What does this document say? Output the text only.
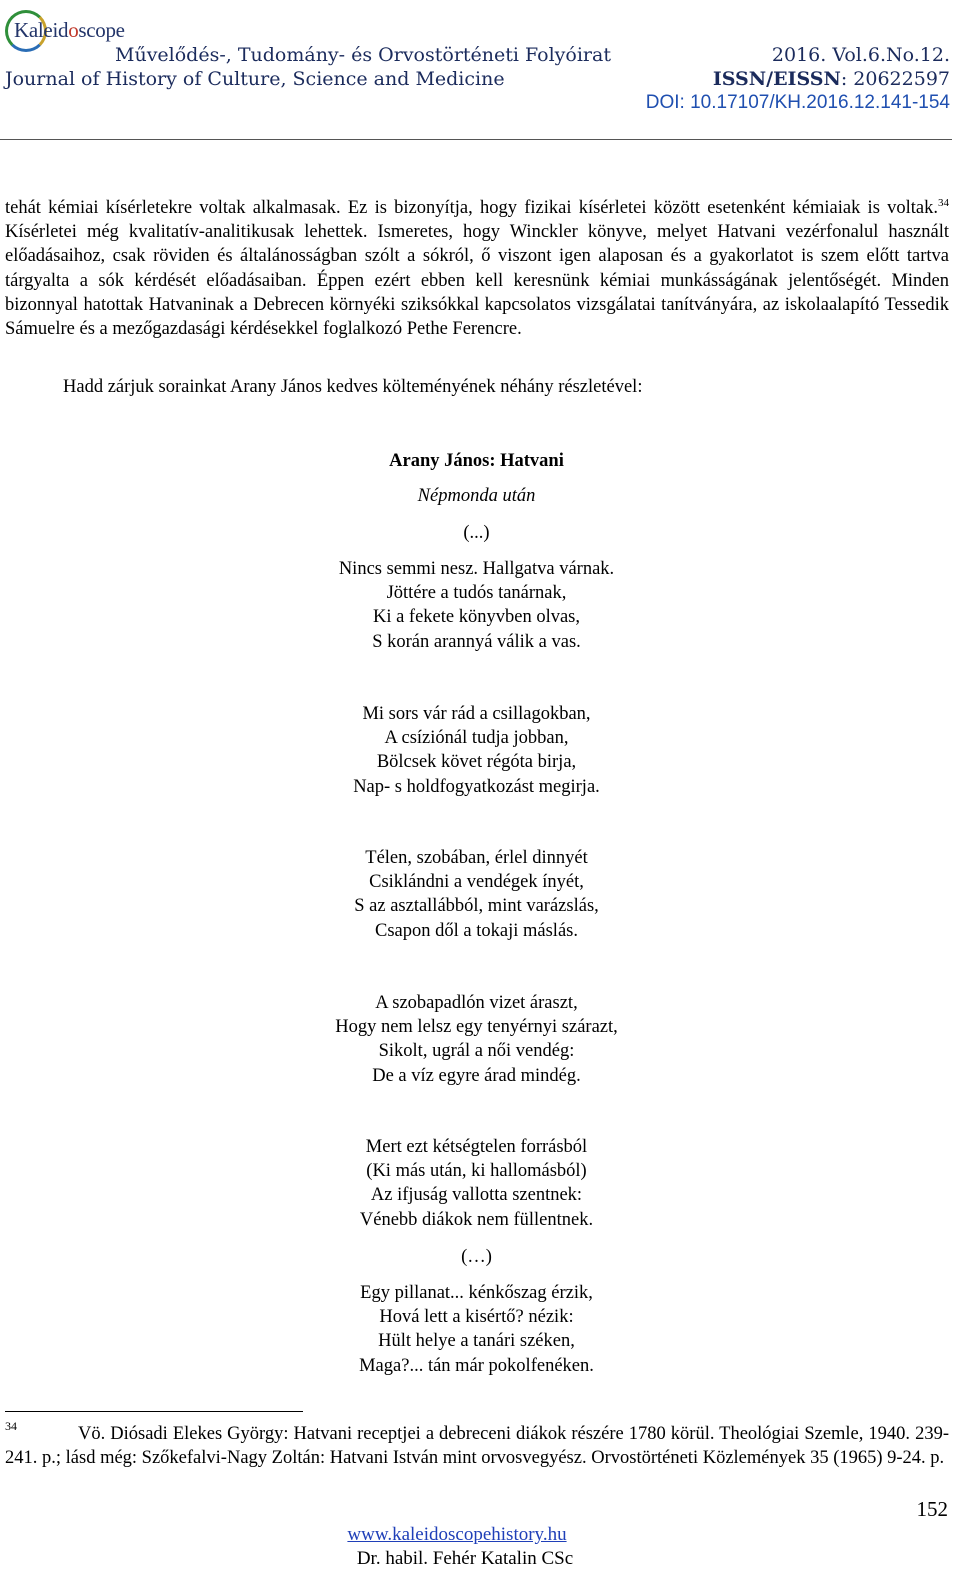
Kaleidoscope
Művelődés-, Tudomány- és Orvostörténeti Folyóirat
Journal of History of Culture, Science and Medicine
2016. Vol.6.No.12.
ISSN/EISSN: 20622597
DOI: 10.17107/KH.2016.12.141-154
tehát kémiai kísérletekre voltak alkalmasak. Ez is bizonyítja, hogy fizikai kísérletei között esetenként kémiaiak is voltak.$^{34}$ Kísérletei még kvalitatív-analitikusak lehettek. Ismeretes, hogy Winckler könyve, melyet Hatvani vezérfonalul használt előadásaihoz, csak röviden és általánosságban szólt a sókról, ő viszont igen alaposan és a gyakorlatot is szem előtt tartva tárgyalta a sók kérdését előadásaiban. Éppen ezért ebben kell keresnünk kémiai munkásságának jelentőségét. Minden bizonnyal hatottak Hatvaninak a Debrecen környéki sziksókkal kapcsolatos vizsgálatai tanítványára, az iskolaalapító Tessedik Sámuelre és a mezőgazdasági kérdésekkel foglalkozó Pethe Ferencre.
Hadd zárjuk sorainkat Arany János kedves költeményének néhány részletével:
Arany János: Hatvani
Népmonda után
(...)
Nincs semmi nesz. Hallgatva várnak.
Jöttére a tudós tanárnak,
Ki a fekete könyvben olvas,
S korán arannyá válik a vas.
Mi sors vár rád a csillagokban,
A csíziónál tudja jobban,
Bölcsek követ régóta birja,
Nap- s holdfogyatkozást megirja.
Télen, szobában, érlel dinnyét
Csiklándni a vendégek ínyét,
S az asztallábból, mint varázslás,
Csapon dől a tokaji máslás.
A szobapadlón vizet áraszt,
Hogy nem lelsz egy tenyérnyi szárazt,
Sikolt, ugrál a női vendég:
De a víz egyre árad mindég.
Mert ezt kétségtelen forrásból
(Ki más után, ki hallomásból)
Az ifjuság vallotta szentnek:
Vénebb diákok nem füllentnek.
(…)
Egy pillanat... kénkőszag érzik,
Hová lett a kisértő? nézik:
Hült helye a tanári széken,
Maga?... tán már pokolfenéken.
34	Vö. Diósadi Elekes György: Hatvani receptjei a debreceni diákok részére 1780 körül. Theológiai Szemle, 1940. 239-241. p.; lásd még: Szőkefalvi-Nagy Zoltán: Hatvani István mint orvosvegyész. Orvostörténeti Közlemények 35 (1965) 9-24. p.
152
www.kaleidoscopehistory.hu
Dr. habil. Fehér Katalin CSc
